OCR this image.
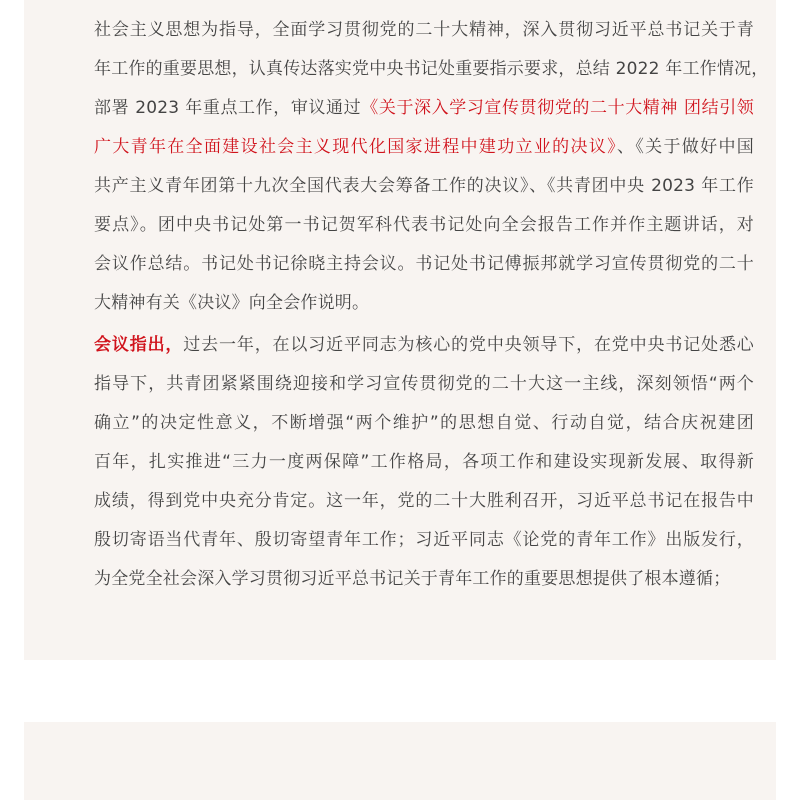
社会主义思想为指导，全面学习贯彻党的二十大精神，深入贯彻习近平总书记关于青
年工作的重要思想，认真传达落实党中央书记处重要指示要求，总结 2022 年工作情况，
部署 2023 年重点工作，审议通过《关于深入学习宣传贯彻党的二十大精神 团结引领
广大青年在全面建设社会主义现代化国家进程中建功立业的决议》、《关于做好中国
共产主义青年团第十九次全国代表大会筹备工作的决议》、《共青团中央 2023 年工作
要点》。团中央书记处第一书记贺军科代表书记处向全会报告工作并作主题讲话，对
会议作总结。书记处书记徐晓主持会议。书记处书记傅振邦就学习宣传贯彻党的二十
大精神有关《决议》向全会作说明。
会议指出，过去一年，在以习近平同志为核心的党中央领导下，在党中央书记处悉心
指导下，共青团紧紧围绕迎接和学习宣传贯彻党的二十大这一主线，深刻领悟“两个
确立”的决定性意义，不断增强“两个维护”的思想自觉、行动自觉，结合庆祝建团
百年，扎实推进“三力一度两保障”工作格局，各项工作和建设实现新发展、取得新
成绩，得到党中央充分肯定。这一年，党的二十大胜利召开，习近平总书记在报告中
殷切寄语当代青年、殷切寄望青年工作；习近平同志《论党的青年工作》出版发行，
为全党全社会深入学习贯彻习近平总书记关于青年工作的重要思想提供了根本遵循；
